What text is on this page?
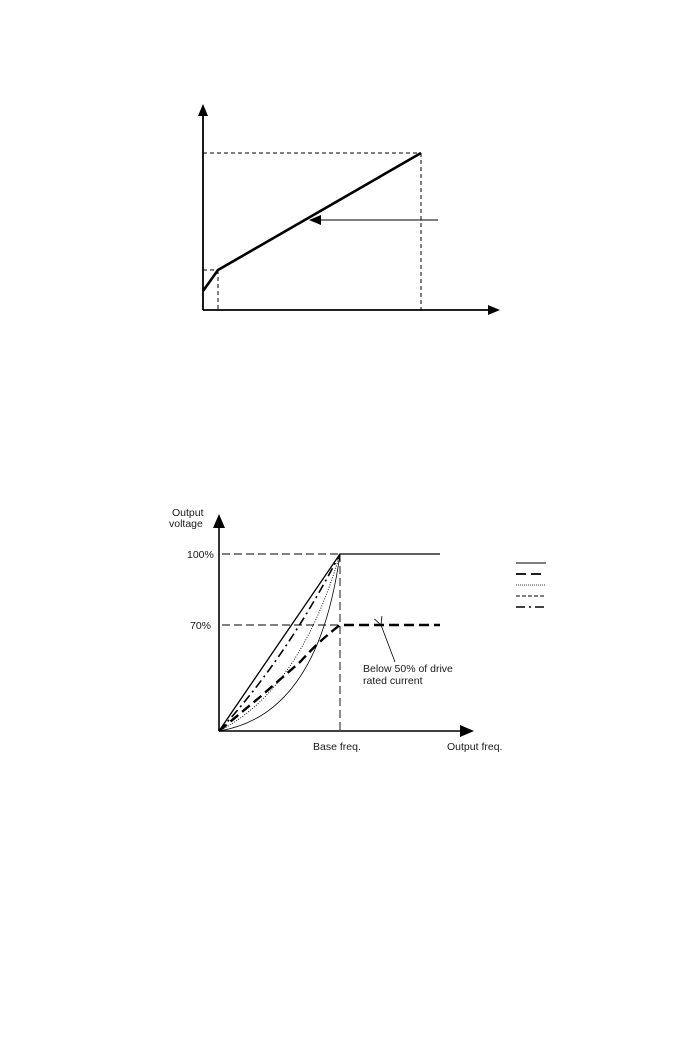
Output
voltage
100%
70%
Base freq.	Output freq.
Below 50% of drive
rated current
